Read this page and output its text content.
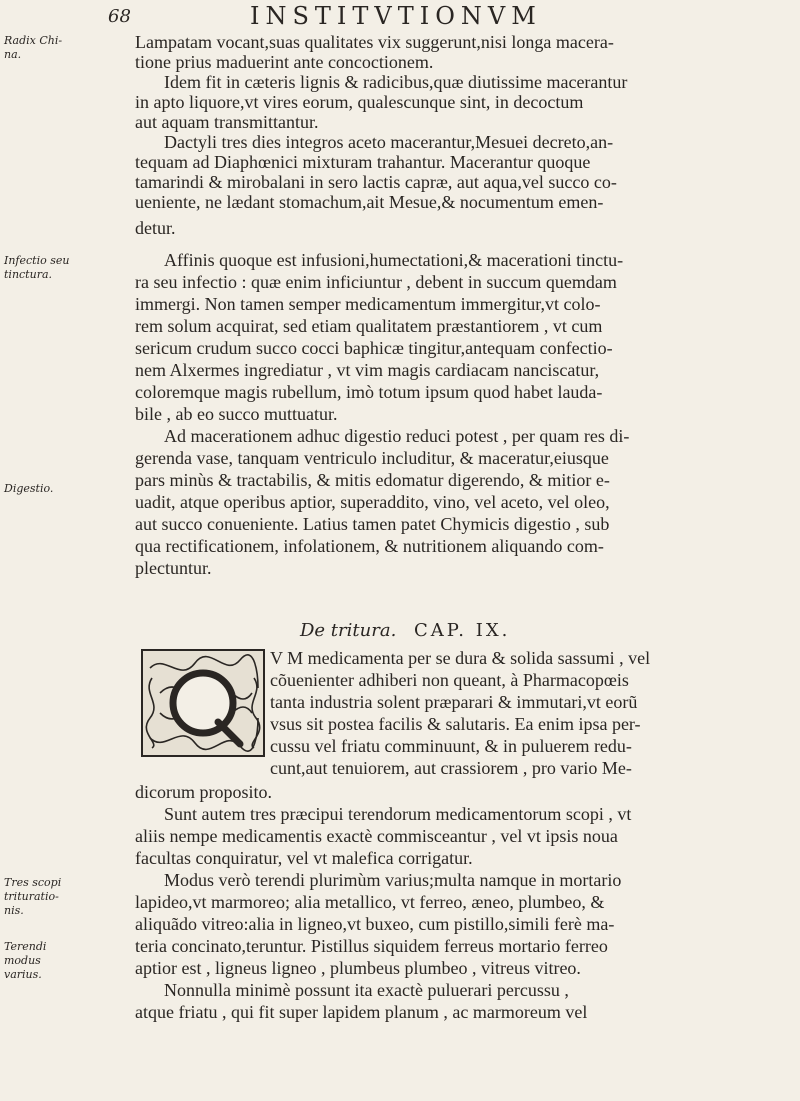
68	INSTITVTIONVM
Radix Chi-na.
Infectio seu tinctura.
Digestio.
Tres scopi trituratio-nis.
Terendi modus varius.
Lampatam vocant,suas qualitates vix suggerunt,nisi longa macera-
tione prius maduerint ante concoctionem.
Idem fit in cæteris lignis & radicibus,quæ diutissime macerantur
in apto liquore,vt vires eorum, qualescunque sint, in decoctum
aut aquam transmittantur.
Dactyli tres dies integros aceto macerantur,Mesuei decreto,an-
tequam ad Diaphœnici mixturam trahantur. Macerantur quoque
tamarindi & mirobalani in sero lactis capræ, aut aqua,vel succo co-
ueniente, ne lædant stomachum,ait Mesue,& nocumentum emen-
detur.
Affinis quoque est infusioni,humectationi,& macerationi tinctu-
ra seu infectio : quæ enim inficiuntur , debent in succum quemdam
immergi. Non tamen semper medicamentum immergitur,vt colo-
rem solum acquirat, sed etiam qualitatem præstantiorem , vt cum
sericum crudum succo cocci baphicæ tingitur,antequam confectio-
nem Alxermes ingrediatur , vt vim magis cardiacam nanciscatur,
coloremque magis rubellum, imò totum ipsum quod habet lauda-
bile , ab eo succo muttuatur.
Ad macerationem adhuc digestio reduci potest , per quam res di-
gerenda vase, tanquam ventriculo includitur, & maceratur,eiusque
pars minùs & tractabilis, & mitis edomatur digerendo, & mitior e-
uadit, atque operibus aptior, superaddito, vino, vel aceto, vel oleo,
aut succo conueniente. Latius tamen patet Chymicis digestio , sub
qua rectificationem, infolationem, & nutritionem aliquando com-
plectuntur.
De tritura. CAP. IX.
V M medicamenta per se dura & solida sassumi , vel
cõuenienter adhiberi non queant, à Pharmacopœis
tanta industria solent præparari & immutari,vt eorũ
vsus sit postea facilis & salutaris. Ea enim ipsa per-
cussu vel friatu comminuunt, & in puluerem redu-
cunt,aut tenuiorem, aut crassiorem , pro vario Me-
dicorum proposito.
Sunt autem tres præcipui terendorum medicamentorum scopi , vt
aliis nempe medicamentis exactè commisceantur , vel vt ipsis noua
facultas conquiratur, vel vt malefica corrigatur.
Modus verò terendi plurimùm varius;multa namque in mortario
lapideo,vt marmoreo; alia metallico, vt ferreo, æneo, plumbeo, &
aliquãdo vitreo:alia in ligneo,vt buxeo, cum pistillo,simili ferè ma-
teria concinato,teruntur. Pistillus siquidem ferreus mortario ferreo
aptior est , ligneus ligneo , plumbeus plumbeo , vitreus vitreo.
Nonnulla minimè possunt ita exactè puluerari percussu ,
atque friatu , qui fit super lapidem planum , ac marmoreum vel
